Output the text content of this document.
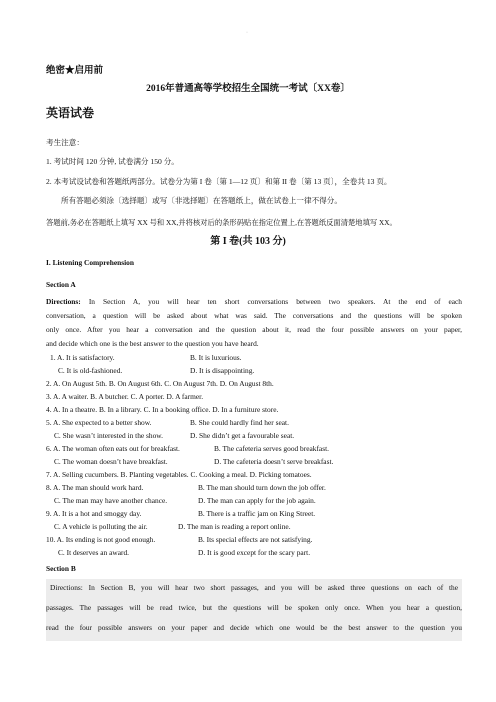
·
绝密★启用前
2016年普通高等学校招生全国统一考试〔XX卷〕
英语试卷
考生注意：
1. 考试时间 120 分钟, 试卷满分 150 分。
2. 本考试设试卷和答题纸两部分。试卷分为第 I 卷〔第 1—12 页〕和第 II 卷〔第 13 页〕，全卷共 13 页。
所有答题必须涂〔选择题〕或写〔非选择题〕在答题纸上，做在试卷上一律不得分。
答题前,务必在答题纸上填写 XX 号和 XX,并将核对后的条形码贴在指定位置上,在答题纸反面清楚地填写 XX。
第 I 卷(共 103 分)
I. Listening Comprehension
Section A
Directions: In Section A, you will hear ten short conversations between two speakers. At the end of each
conversation, a question will be asked about what was said. The conversations and the questions will be spoken
only once. After you hear a conversation and the question about it, read the four possible answers on your paper,
and decide which one is the best answer to the question you have heard.
1. A. It is satisfactory.	B. It is luxurious.
C. It is old-fashioned.	D. It is disappointing.
2. A. On August 5th. B. On August 6th. C. On August 7th. D. On August 8th.
3. A. A waiter. B. A butcher. C. A porter. D. A farmer.
4. A. In a theatre. B. In a library. C. In a booking office. D. In a furniture store.
5. A. She expected to a better show.	B. She could hardly find her seat.
C. She wasn’t interested in the show.	D. She didn’t get a favourable seat.
6. A. The woman often eats out for breakfast.	B. The cafeteria serves good breakfast.
C. The woman doesn’t have breakfast.	D. The cafeteria doesn’t serve breakfast.
7. A. Selling cucumbers. B. Planting vegetables. C. Cooking a meal. D. Picking tomatoes.
8. A. The man should work hard.	B. The man should turn down the job offer.
C. The man may have another chance.	D. The man can apply for the job again.
9. A. It is a hot and smoggy day.	B. There is a traffic jam on King Street.
C. A vehicle is polluting the air.	D. The man is reading a report online.
10. A. Its ending is not good enough.	B. Its special effects are not satisfying.
C. It deserves an award.	D. It is good except for the scary part.
Section B
Directions: In Section B, you will hear two short passages, and you will be asked three questions on each of the
passages. The passages will be read twice, but the questions will be spoken only once. When you hear a question,
read the four possible answers on your paper and decide which one would be the best answer to the question you
